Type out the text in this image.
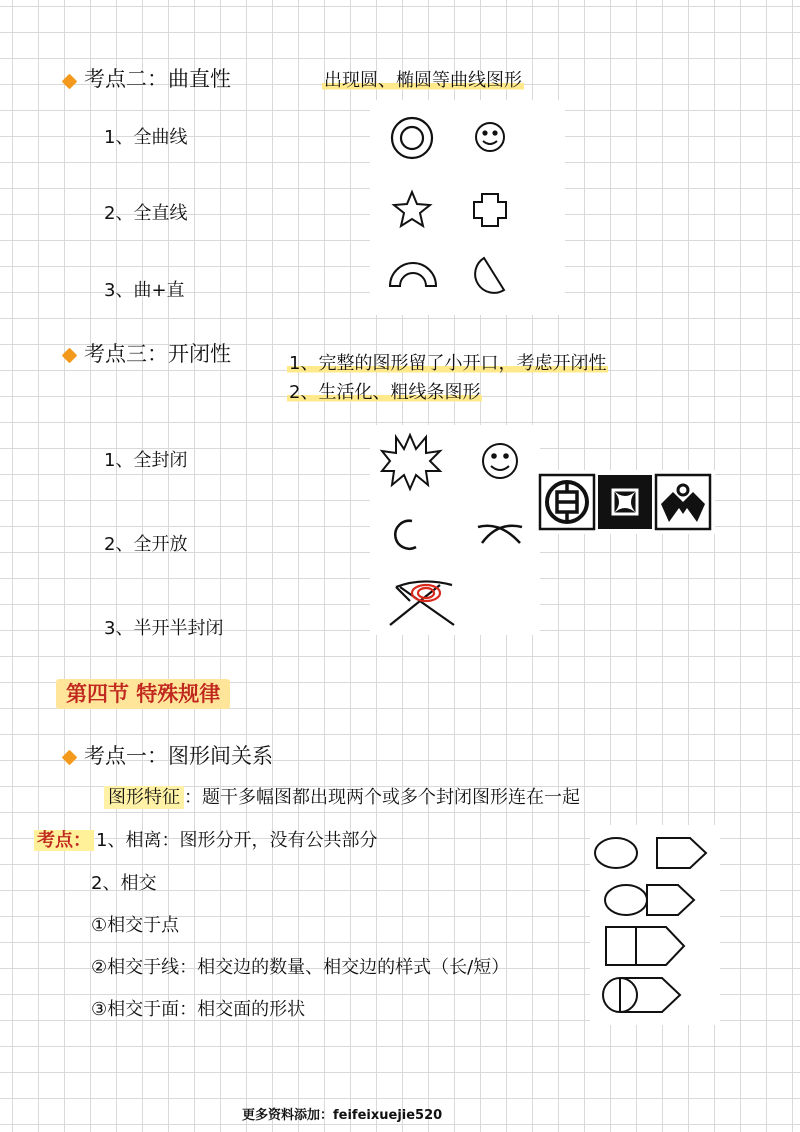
考点二：曲直性	出现圆、椭圆等曲线图形
1、全曲线
2、全直线
3、曲+直
考点三：开闭性	1、完整的图形留了小开口，考虑开闭性
2、生活化、粗线条图形
1、全封闭
2、全开放
3、半开半封闭
第四节 特殊规律
考点一：图形间关系
图形特征 ：题干多幅图都出现两个或多个封闭图形连在一起
考点： 1、相离：图形分开，没有公共部分
2、相交
①相交于点
②相交于线：相交边的数量、相交边的样式（长/短）
③相交于面：相交面的形状
更多资料添加：feifeixuejie520
